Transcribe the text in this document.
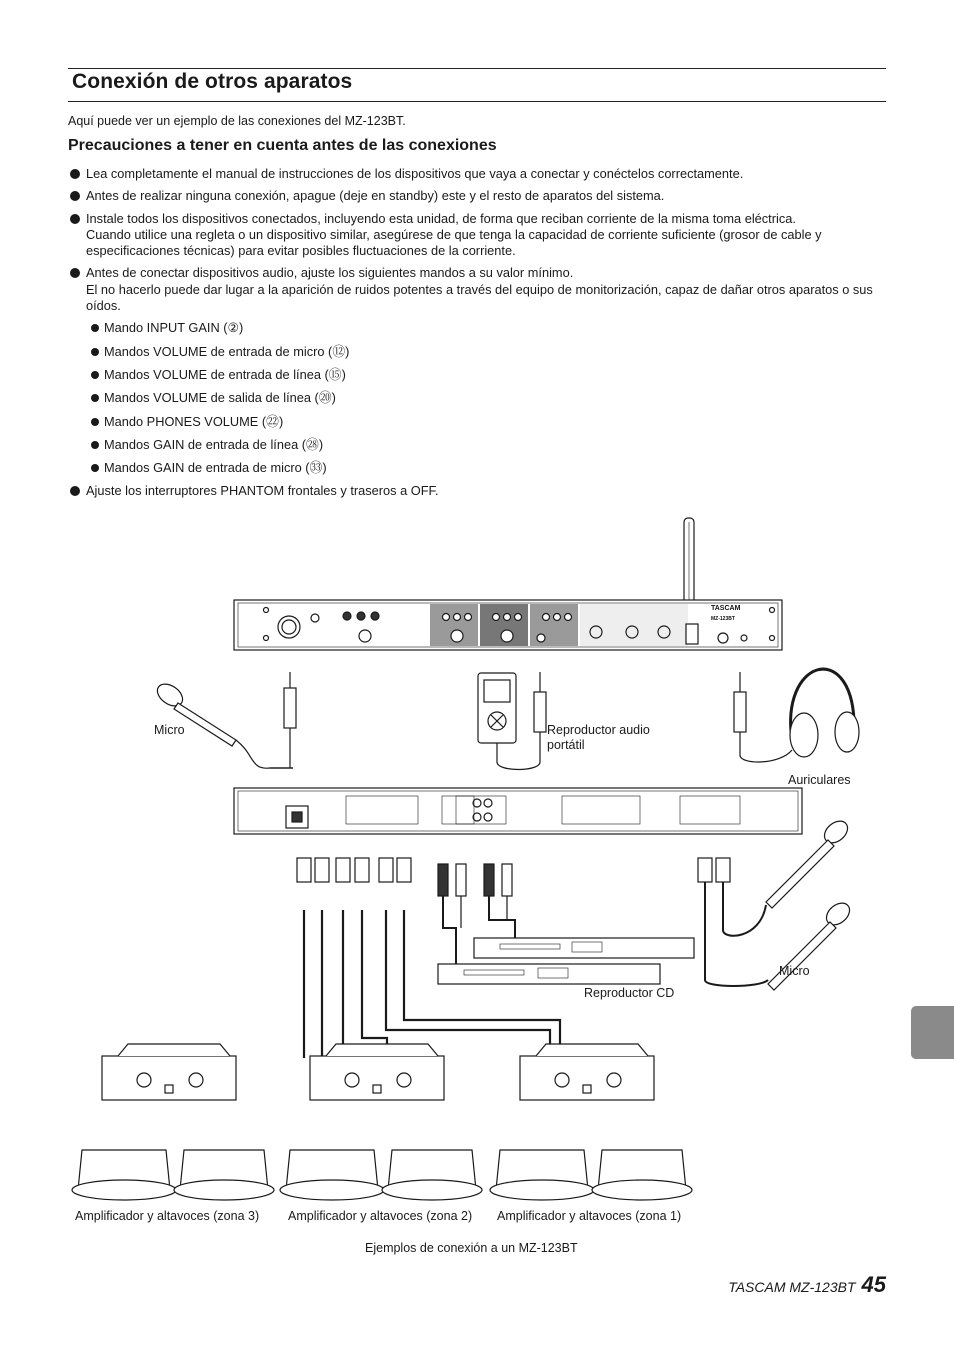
Conexión de otros aparatos

Aquí puede ver un ejemplo de las conexiones del MZ-123BT.

Precauciones a tener en cuenta antes de las conexiones
Lea completamente el manual de instrucciones de los dispositivos que vaya a conectar y conéctelos correctamente.
Antes de realizar ninguna conexión, apague (deje en standby) este y el resto de aparatos del sistema.
Instale todos los dispositivos conectados, incluyendo esta unidad, de forma que reciban corriente de la misma toma eléctrica.
Cuando utilice una regleta o un dispositivo similar, asegúrese de que tenga la capacidad de corriente suficiente (grosor de cable y especificaciones técnicas) para evitar posibles fluctuaciones de la corriente.
Antes de conectar dispositivos audio, ajuste los siguientes mandos a su valor mínimo.
El no hacerlo puede dar lugar a la aparición de ruidos potentes a través del equipo de monitorización, capaz de dañar otros aparatos o sus oídos.
Mando INPUT GAIN (②)
Mandos VOLUME de entrada de micro (⑫)
Mandos VOLUME de entrada de línea (⑮)
Mandos VOLUME de salida de línea (⑳)
Mando PHONES VOLUME (㉒)
Mandos GAIN de entrada de línea (㉘)
Mandos GAIN de entrada de micro (㉝)
Ajuste los interruptores PHANTOM frontales y traseros a OFF.
TASCAM
MZ-123BT
Micro	Reproductor audio portátil
Auriculares
Micro
Reproductor CD
Amplificador y altavoces (zona 3) Amplificador y altavoces (zona 2) Amplificador y altavoces (zona 1)
Ejemplos de conexión a un MZ-123BT
TASCAM MZ-123BT 45
